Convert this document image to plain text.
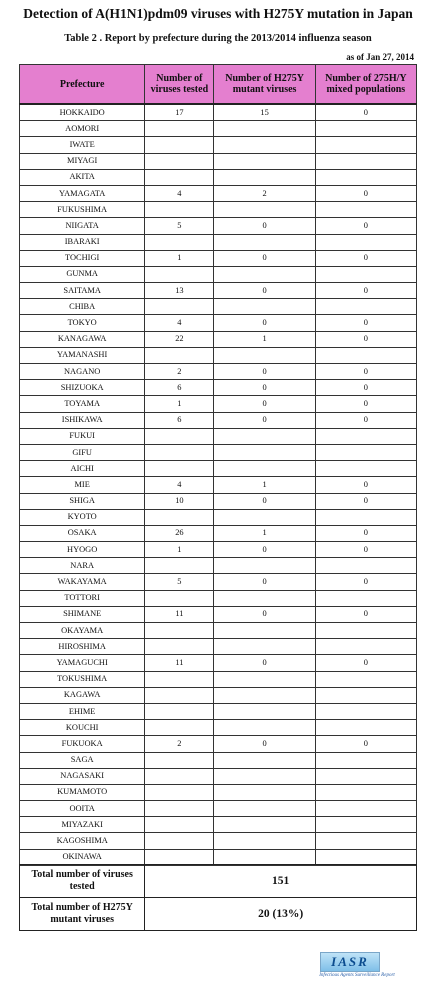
Detection of A(H1N1)pdm09 viruses with H275Y mutation in Japan
Table 2 . Report by prefecture during the 2013/2014 influenza season
as of Jan 27, 2014
Prefecture	Number of viruses tested	Number of H275Y mutant viruses	Number of 275H/Y mixed populations
HOKKAIDO	17	15	0
AOMORI			
IWATE			
MIYAGI			
AKITA			
YAMAGATA	4	2	0
FUKUSHIMA			
NIIGATA	5	0	0
IBARAKI			
TOCHIGI	1	0	0
GUNMA			
SAITAMA	13	0	0
CHIBA			
TOKYO	4	0	0
KANAGAWA	22	1	0
YAMANASHI			
NAGANO	2	0	0
SHIZUOKA	6	0	0
TOYAMA	1	0	0
ISHIKAWA	6	0	0
FUKUI			
GIFU			
AICHI			
MIE	4	1	0
SHIGA	10	0	0
KYOTO			
OSAKA	26	1	0
HYOGO	1	0	0
NARA			
WAKAYAMA	5	0	0
TOTTORI			
SHIMANE	11	0	0
OKAYAMA			
HIROSHIMA			
YAMAGUCHI	11	0	0
TOKUSHIMA			
KAGAWA			
EHIME			
KOUCHI			
FUKUOKA	2	0	0
SAGA			
NAGASAKI			
KUMAMOTO			
OOITA			
MIYAZAKI			
KAGOSHIMA			
OKINAWA			
Total number of viruses tested	151
Total number of H275Y mutant viruses	20 (13%)
IASR
Infectious Agents Surveillance Report
